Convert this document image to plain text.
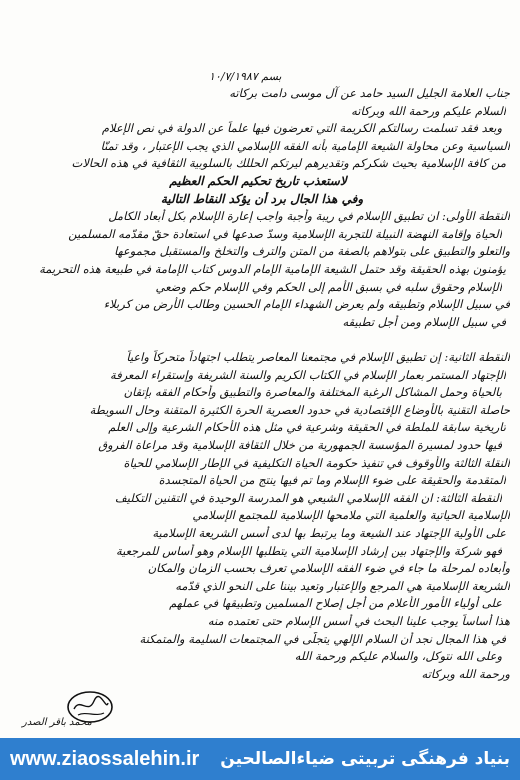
بسم ١٠/٧/١٩٨٧
جناب العلامة الجليل السيد حامد عن آل موسى دامت بركاته
السلام عليكم ورحمة الله وبركاته
وبعد فقد تسلمت رسالتكم الكريمة التي تعرضون فيها علماً عن الدولة في نص الإعلام
السياسية وعن محاولة الشيعة الإمامية بأنه الفقه الإسلامي الذي يجب الإعتبار ، وقد تمنّا
من كافة الإسلامية بحيث شكركم وتقديرهم ليرتكم الحللك بالسلوبية الثقافية في هذه الحالات
لاستعذب تاريخ تحكيم الحكم العظيم
وفي هذا الجال برد أن يؤكد النقاط التالية
النقطة الأولى: ان تطبيق الإسلام في ريبة وأجبة واجب إعارة الإسلام بكل أبعاد الكامل
الحياة وإقامة النهضة النبيلة للتجربة الإسلامية وسدّ صدعها في استعادة حقّ مقدّمه المسلمين
والتعلو والتطبيق على بتولاهم بالصفة من المتن والترف والتخلخ والمستقبل مجموعها
يؤمنون بهذه الحقيقة وقد حتمل الشيعة الإمامية الإمام الدوس كتاب الإمامة في طبيعة هذه التحريمة
الإسلام وحقوق سلبه في بسبق الأمم إلى الحكم وفي الإسلام حكم وضعي
في سبيل الإسلام وتطبيقه ولم يعرض الشهداء الإمام الحسين وطالب الأرض من كربلاء
في سبيل الإسلام ومن أجل تطبيقه
النقطة الثانية: إن تطبيق الإسلام في مجتمعنا المعاصر يتطلب اجتهاداً متحركاً واعياً
الإجتهاد المستمر بعمار الإسلام في الكتاب الكريم والسنة الشريفة وإستقراء المعرفة
بالحياة وحمل المشاكل الرغبة المختلفة والمعاصرة والتطبيق وأحكام الفقه بإتقان
حاصلة التقنية بالأوضاع الإقتصادية في حدود العصرية الحرة الكثيرة المتقنة وحال السويطة
تاريخية سابقة للملطة في الحقيقة وشرعية في مثل هذه الأحكام الشرعية وإلى العلم
فيها حدود لمسيرة المؤسسة الجمهورية من خلال الثقافة الإسلامية وقد مراعاة الفروق
النقلة الثالثة والأوقوف في تنفيذ حكومة الحياة التكليفية في الإطار الإسلامي للحياة
المتقدمة والحقيقة على ضوء الإسلام وما تم فيها ينتج من الحياة المتجسدة
النقطة الثالثة: ان الفقه الإسلامي الشيعي هو المدرسة الوحيدة في التقنين التكليف
الإسلامية الحياتية والعلمية التي ملامحها الإسلامية للمجتمع الإسلامي
على الأولية الإجتهاد عند الشيعة وما يرتبط بها لدى أسس الشريعة الإسلامية
فهو شركة والإجتهاد بين إرشاد الإسلامية التي يتطلبها الإسلام وهو أساس للمرجعية
وأبعاده لمرحلة ما جاء في ضوء الفقه الإسلامي تعرف بحسب الزمان والمكان
الشريعة الإسلامية هي المرجع والإعتبار وتعيد بيننا على النحو الذي قدّمه
على أولياء الأمور الأعلام من أجل إصلاح المسلمين وتطبيقها في عملهم
هذا أساساً يوجب علينا البحث في أسس الإسلام حتى تعتمده منه
في هذا المجال نجد أن السلام الإلهي يتجلّى في المجتمعات السليمة والمتمكنة
وعلى الله نتوكل، والسلام عليكم ورحمة الله
ورحمة الله وبركاته
محمد باقر الصدر
www.ziaossalehin.ir بنیاد فرهنگی تربیتی ضیاءالصالحین
